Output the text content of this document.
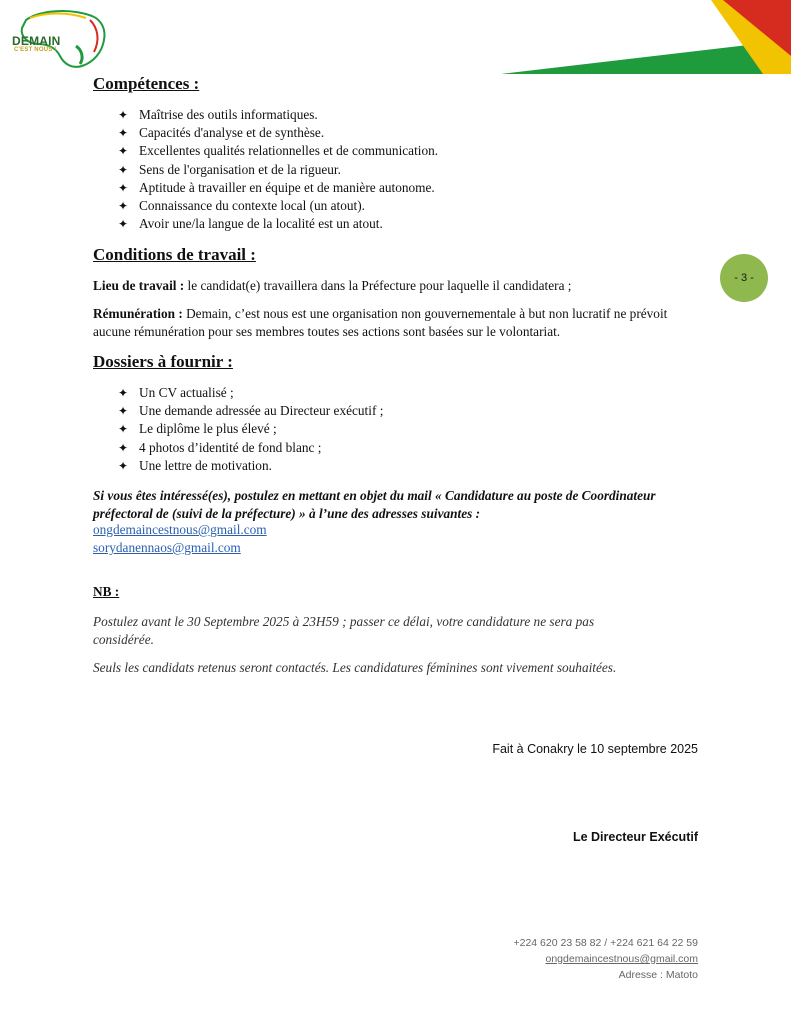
DEMAIN
C'EST NOUS !
- 3 -
Compétences :
✦ Maîtrise des outils informatiques.
✦ Capacités d'analyse et de synthèse.
✦ Excellentes qualités relationnelles et de communication.
✦ Sens de l'organisation et de la rigueur.
✦ Aptitude à travailler en équipe et de manière autonome.
✦ Connaissance du contexte local (un atout).
✦ Avoir une/la langue de la localité est un atout.
Conditions de travail :

Lieu de travail : le candidat(e) travaillera dans la Préfecture pour laquelle il candidatera ;

Rémunération : Demain, c’est nous est une organisation non gouvernementale à but non lucratif ne prévoit aucune rémunération pour ses membres toutes ses actions sont basées sur le volontariat.

Dossiers à fournir :
✦ Un CV actualisé ;
✦ Une demande adressée au Directeur exécutif ;
✦ Le diplôme le plus élevé ;
✦ 4 photos d’identité de fond blanc ;
✦ Une lettre de motivation.

Si vous êtes intéressé(es), postulez en mettant en objet du mail « Candidature au poste de Coordinateur préfectoral de (suivi de la préfecture) » à l’une des adresses suivantes :

ongdemaincestnous@gmail.com
sorydanennaos@gmail.com
NB :

Postulez avant le 30 Septembre 2025 à 23H59 ; passer ce délai, votre candidature ne sera pas considérée.

Seuls les candidats retenus seront contactés. Les candidatures féminines sont vivement souhaitées.

Fait à Conakry le 10 septembre 2025
Le Directeur Exécutif
+224 620 23 58 82 / +224 621 64 22 59
ongdemaincestnous@gmail.com
Adresse : Matoto
